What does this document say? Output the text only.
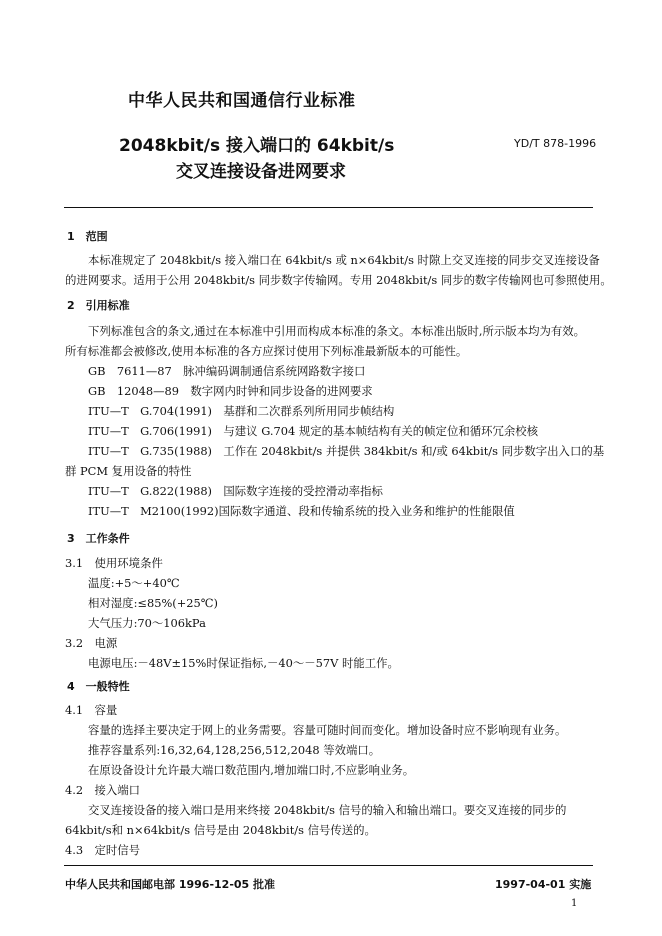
中华人民共和国通信行业标准
2048kbit/s 接入端口的 64kbit/s
交叉连接设备进网要求
YD/T 878-1996
1　范围
本标准规定了 2048kbit/s 接入端口在 64kbit/s 或 n×64kbit/s 时隙上交叉连接的同步交叉连接设备
的进网要求。适用于公用 2048kbit/s 同步数字传输网。专用 2048kbit/s 同步的数字传输网也可参照使用。
2　引用标准
下列标准包含的条文,通过在本标准中引用而构成本标准的条文。本标准出版时,所示版本均为有效。
所有标准都会被修改,使用本标准的各方应探讨使用下列标准最新版本的可能性。
GB　7611—87　脉冲编码调制通信系统网路数字接口
GB　12048—89　数字网内时钟和同步设备的进网要求
ITU—T　G.704(1991)　基群和二次群系列所用同步帧结构
ITU—T　G.706(1991)　与建议 G.704 规定的基本帧结构有关的帧定位和循环冗余校核
ITU—T　G.735(1988)　工作在 2048kbit/s 并提供 384kbit/s 和/或 64kbit/s 同步数字出入口的基
群 PCM 复用设备的特性
ITU—T　G.822(1988)　国际数字连接的受控滑动率指标
ITU—T　M2100(1992)国际数字通道、段和传输系统的投入业务和维护的性能限值
3　工作条件
3.1　使用环境条件
温度:+5～+40℃
相对湿度:≤85%(+25℃)
大气压力:70～106kPa
3.2　电源
电源电压:－48V±15%时保证指标,－40～－57V 时能工作。
4　一般特性
4.1　容量
容量的选择主要决定于网上的业务需要。容量可随时间而变化。增加设备时应不影响现有业务。
推荐容量系列:16,32,64,128,256,512,2048 等效端口。
在原设备设计允许最大端口数范围内,增加端口时,不应影响业务。
4.2　接入端口
交叉连接设备的接入端口是用来终接 2048kbit/s 信号的输入和输出端口。要交叉连接的同步的
64kbit/s和 n×64kbit/s 信号是由 2048kbit/s 信号传送的。
4.3　定时信号
中华人民共和国邮电部 1996-12-05 批准	1997-04-01 实施
1
